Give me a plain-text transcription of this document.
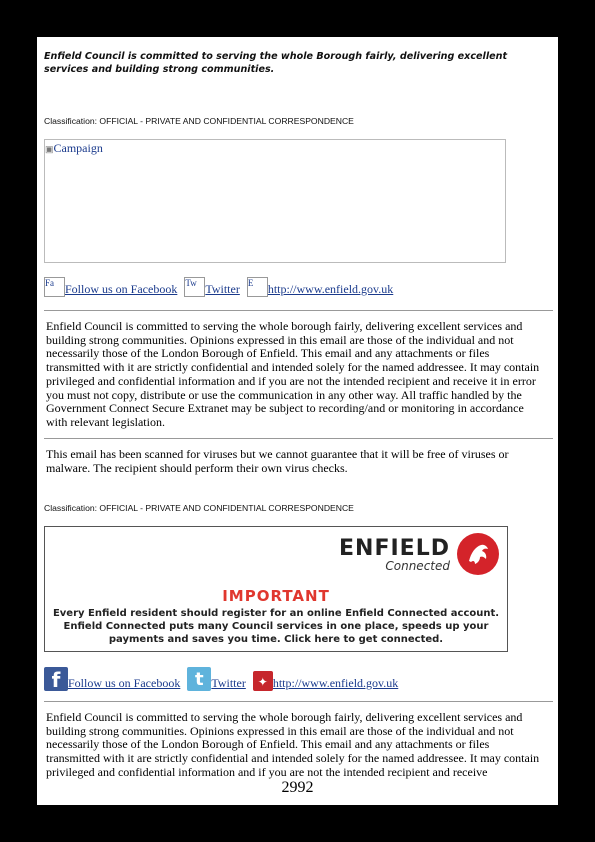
Enfield Council is committed to serving the whole Borough fairly, delivering excellent services and building strong communities.
Classification: OFFICIAL - PRIVATE AND CONFIDENTIAL CORRESPONDENCE
▣Campaign
Fa Follow us on Facebook Tw Twitter E http://www.enfield.gov.uk
Enfield Council is committed to serving the whole borough fairly, delivering excellent services and building strong communities. Opinions expressed in this email are those of the individual and not necessarily those of the London Borough of Enfield. This email and any attachments or files transmitted with it are strictly confidential and intended solely for the named addressee. It may contain privileged and confidential information and if you are not the intended recipient and receive it in error you must not copy, distribute or use the communication in any other way. All traffic handled by the Government Connect Secure Extranet may be subject to recording/and or monitoring in accordance with relevant legislation.
This email has been scanned for viruses but we cannot guarantee that it will be free of viruses or malware. The recipient should perform their own virus checks.
Classification: OFFICIAL - PRIVATE AND CONFIDENTIAL CORRESPONDENCE
ENFIELD
Connected
IMPORTANT
Every Enfield resident should register for an online Enfield Connected account.
Enfield Connected puts many Council services in one place, speeds up your
payments and saves you time. Click here to get connected.
f Follow us on Facebook t Twitter ✦ http://www.enfield.gov.uk
Enfield Council is committed to serving the whole borough fairly, delivering excellent services and building strong communities. Opinions expressed in this email are those of the individual and not necessarily those of the London Borough of Enfield. This email and any attachments or files transmitted with it are strictly confidential and intended solely for the named addressee. It may contain privileged and confidential information and if you are not the intended recipient and receive
2992
